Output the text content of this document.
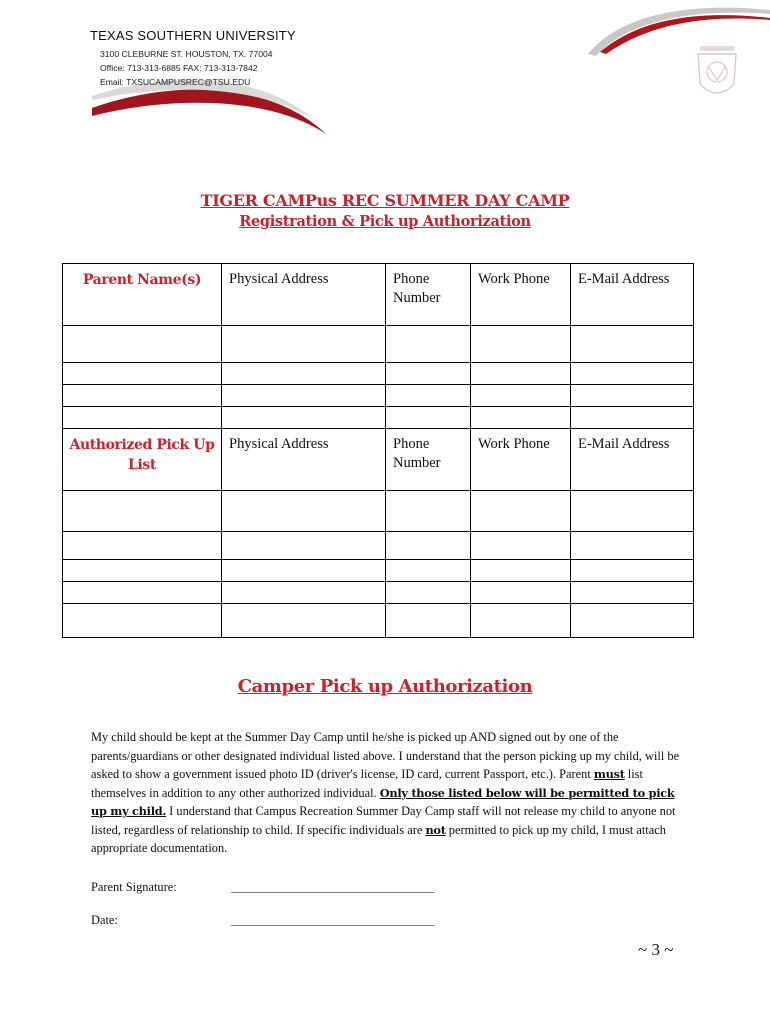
TEXAS SOUTHERN UNIVERSITY
3100 CLEBURNE ST. HOUSTON, TX. 77004
Office: 713-313-6885 FAX: 713-313-7842
Email: TXSUCAMPUSREC@TSU.EDU
TIGER CAMPus REC SUMMER DAY CAMP
Registration & Pick up Authorization
Parent Name(s)	Physical Address	Phone Number	Work Phone	E-Mail Address

Authorized Pick Up List	Physical Address	Phone Number	Work Phone	E-Mail Address

Camper Pick up Authorization
My child should be kept at the Summer Day Camp until he/she is picked up AND signed out by one of the parents/guardians or other designated individual listed above. I understand that the person picking up my child, will be asked to show a government issued photo ID (driver's license, ID card, current Passport, etc.). Parent must list themselves in addition to any other authorized individual. Only those listed below will be permitted to pick up my child. I understand that Campus Recreation Summer Day Camp staff will not release my child to anyone not listed, regardless of relationship to child. If specific individuals are not permitted to pick up my child, I must attach appropriate documentation.
Parent Signature:	___________________________________
Date:	___________________________________
~ 3 ~
